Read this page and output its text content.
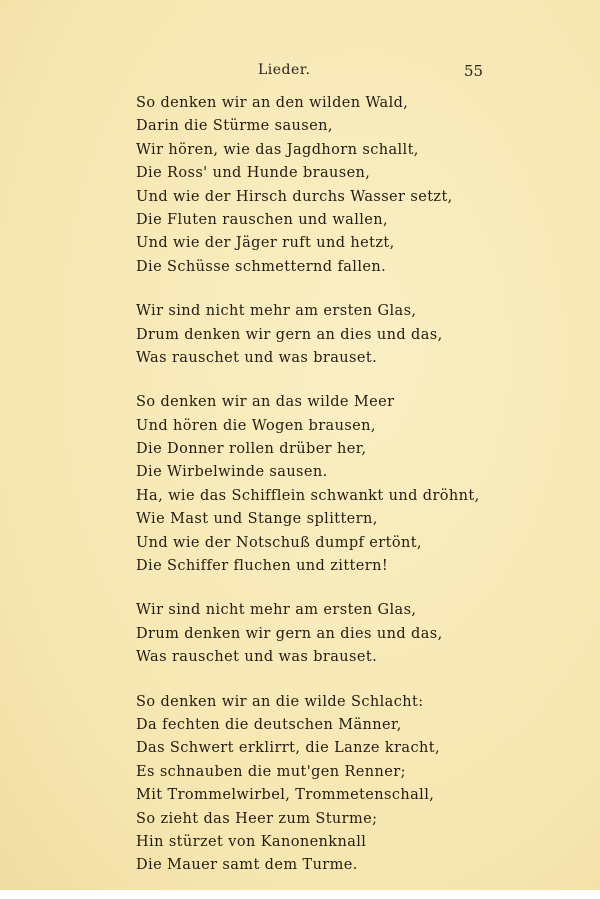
Lieder.	55
So denken wir an den wilden Wald,
Darin die Stürme sausen,
Wir hören, wie das Jagdhorn schallt,
Die Ross' und Hunde brausen,
Und wie der Hirsch durchs Wasser setzt,
Die Fluten rauschen und wallen,
Und wie der Jäger ruft und hetzt,
Die Schüsse schmetternd fallen.
Wir sind nicht mehr am ersten Glas,
Drum denken wir gern an dies und das,
Was rauschet und was brauset.
So denken wir an das wilde Meer
Und hören die Wogen brausen,
Die Donner rollen drüber her,
Die Wirbelwinde sausen.
Ha, wie das Schifflein schwankt und dröhnt,
Wie Mast und Stange splittern,
Und wie der Notschuß dumpf ertönt,
Die Schiffer fluchen und zittern!
Wir sind nicht mehr am ersten Glas,
Drum denken wir gern an dies und das,
Was rauschet und was brauset.
So denken wir an die wilde Schlacht:
Da fechten die deutschen Männer,
Das Schwert erklirrt, die Lanze kracht,
Es schnauben die mut'gen Renner;
Mit Trommelwirbel, Trommetenschall,
So zieht das Heer zum Sturme;
Hin stürzet von Kanonenknall
Die Mauer samt dem Turme.
